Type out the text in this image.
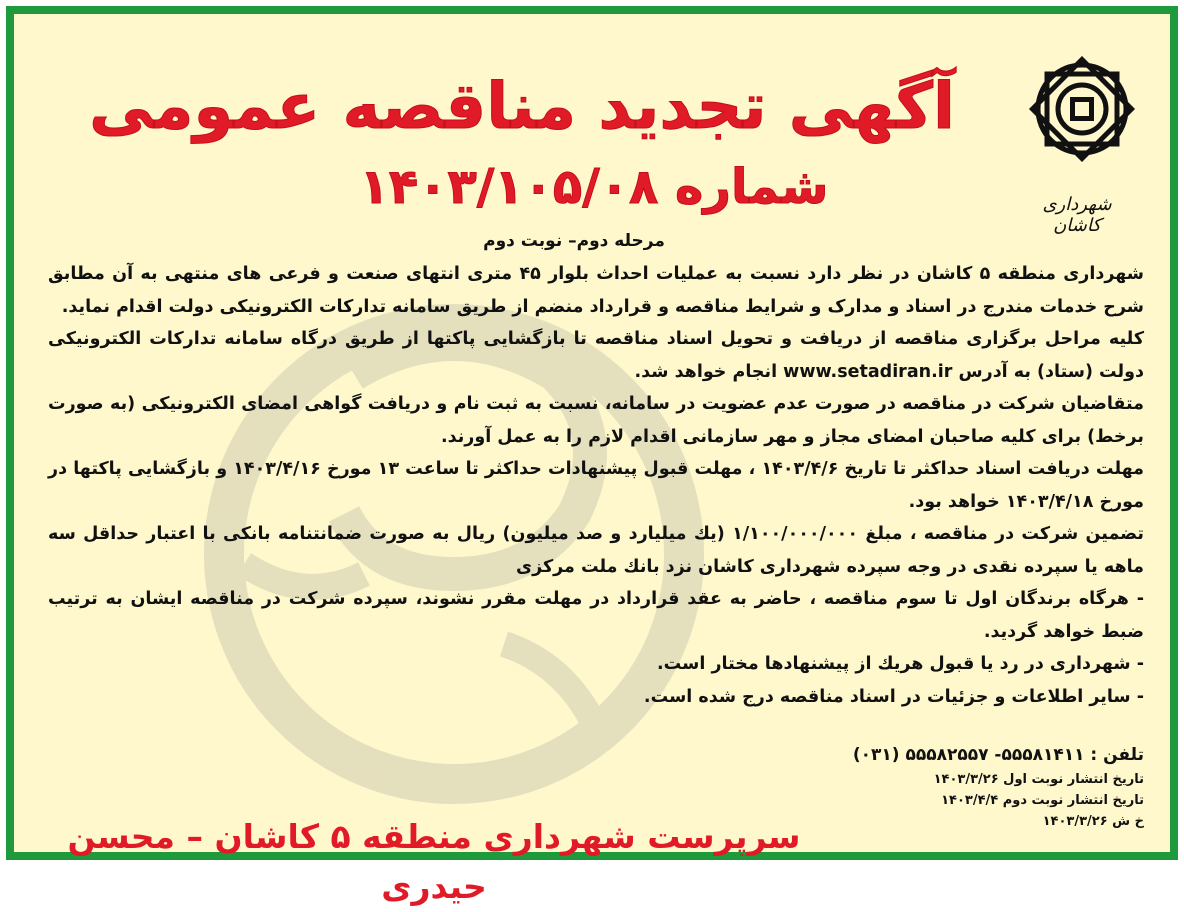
شهرداری کاشان
آگهی تجدید مناقصه عمومی
شماره ۱۴۰۳/۱۰۵/۰۸
مرحله دوم– نوبت دوم

شهرداری منطقه ۵ کاشان در نظر دارد نسبت به عملیات احداث بلوار ۴۵ متری انتهای صنعت و فرعی های منتهی به آن مطابق شرح خدمات مندرج در اسناد و مدارک و شرایط مناقصه و قرارداد منضم از طریق سامانه تدارکات الکترونیکی دولت اقدام نماید.

کلیه مراحل برگزاری مناقصه از دریافت و تحویل اسناد مناقصه تا بازگشایی پاکتها از طریق درگاه سامانه تدارکات الکترونیکی دولت (ستاد) به آدرس www.setadiran.ir انجام خواهد شد.

متقاضیان شرکت در مناقصه در صورت عدم عضویت در سامانه، نسبت به ثبت نام و دریافت گواهی امضای الکترونیکی (به صورت برخط) برای کلیه صاحبان امضای مجاز و مهر سازمانی اقدام لازم را به عمل آورند.

مهلت دریافت اسناد حداکثر تا تاریخ ۱۴۰۳/۴/۶ ، مهلت قبول پیشنهادات حداکثر تا ساعت ۱۳ مورخ ۱۴۰۳/۴/۱۶ و بازگشایی پاکتها در مورخ ۱۴۰۳/۴/۱۸ خواهد بود.

تضمین شرکت در مناقصه ، مبلغ ۱/۱۰۰/۰۰۰/۰۰۰ (یك میلیارد و صد میلیون) ریال به صورت ضمانتنامه بانکی با اعتبار حداقل سه ماهه یا سپرده نقدی در وجه سپرده شهرداری کاشان نزد بانك ملت مرکزی

- هرگاه برندگان اول تا سوم مناقصه ، حاضر به عقد قرارداد در مهلت مقرر نشوند، سپرده شرکت در مناقصه ایشان به ترتیب ضبط خواهد گردید.

- شهرداری در رد یا قبول هریك از پیشنهادها مختار است.

- سایر اطلاعات و جزئیات در اسناد مناقصه درج شده است.

تلفن : ۵۵۵۸۱۴۱۱- ۵۵۵۸۲۵۵۷ (۰۳۱)
تاریخ انتشار نوبت اول ۱۴۰۳/۳/۲۶
تاریخ انتشار نوبت دوم ۱۴۰۳/۴/۴
خ ش ۱۴۰۳/۳/۲۶
سرپرست شهرداری منطقه ۵ کاشان – محسن حیدری
